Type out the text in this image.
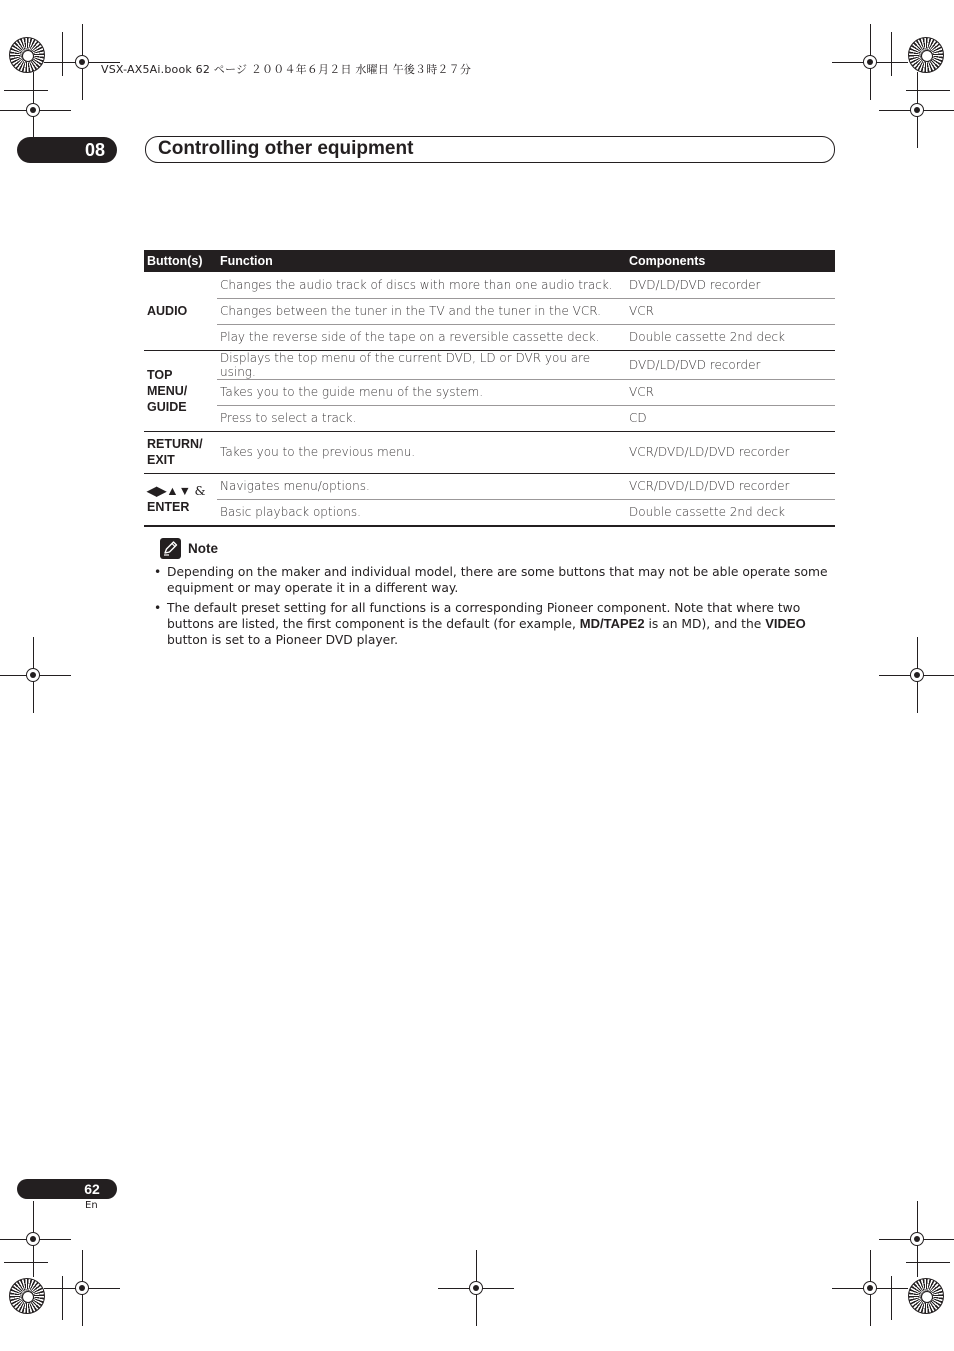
VSX-AX5Ai.book 62 ページ ２００４年６月２日 水曜日 午後３時２７分
08	Controlling other equipment
Button(s)	Function	Components
AUDIO	Changes the audio track of discs with more than one audio track.	DVD/LD/DVD recorder
	Changes between the tuner in the TV and the tuner in the VCR.	VCR
	Play the reverse side of the tape on a reversible cassette deck.	Double cassette 2nd deck
TOP
MENU/
GUIDE	Displays the top menu of the current DVD, LD or DVR you are using.	DVD/LD/DVD recorder
	Takes you to the guide menu of the system.	VCR
	Press to select a track.	CD
RETURN/
EXIT	Takes you to the previous menu.	VCR/DVD/LD/DVD recorder
◀▶▲▼ &
ENTER	Navigates menu/options.	VCR/DVD/LD/DVD recorder
	Basic playback options.	Double cassette 2nd deck
Note
• Depending on the maker and individual model, there are some buttons that may not be able operate some equipment or may operate it in a different way.
• The default preset setting for all functions is a corresponding Pioneer component. Note that where two buttons are listed, the first component is the default (for example, MD/TAPE2 is an MD), and the VIDEO button is set to a Pioneer DVD player.
62
En
